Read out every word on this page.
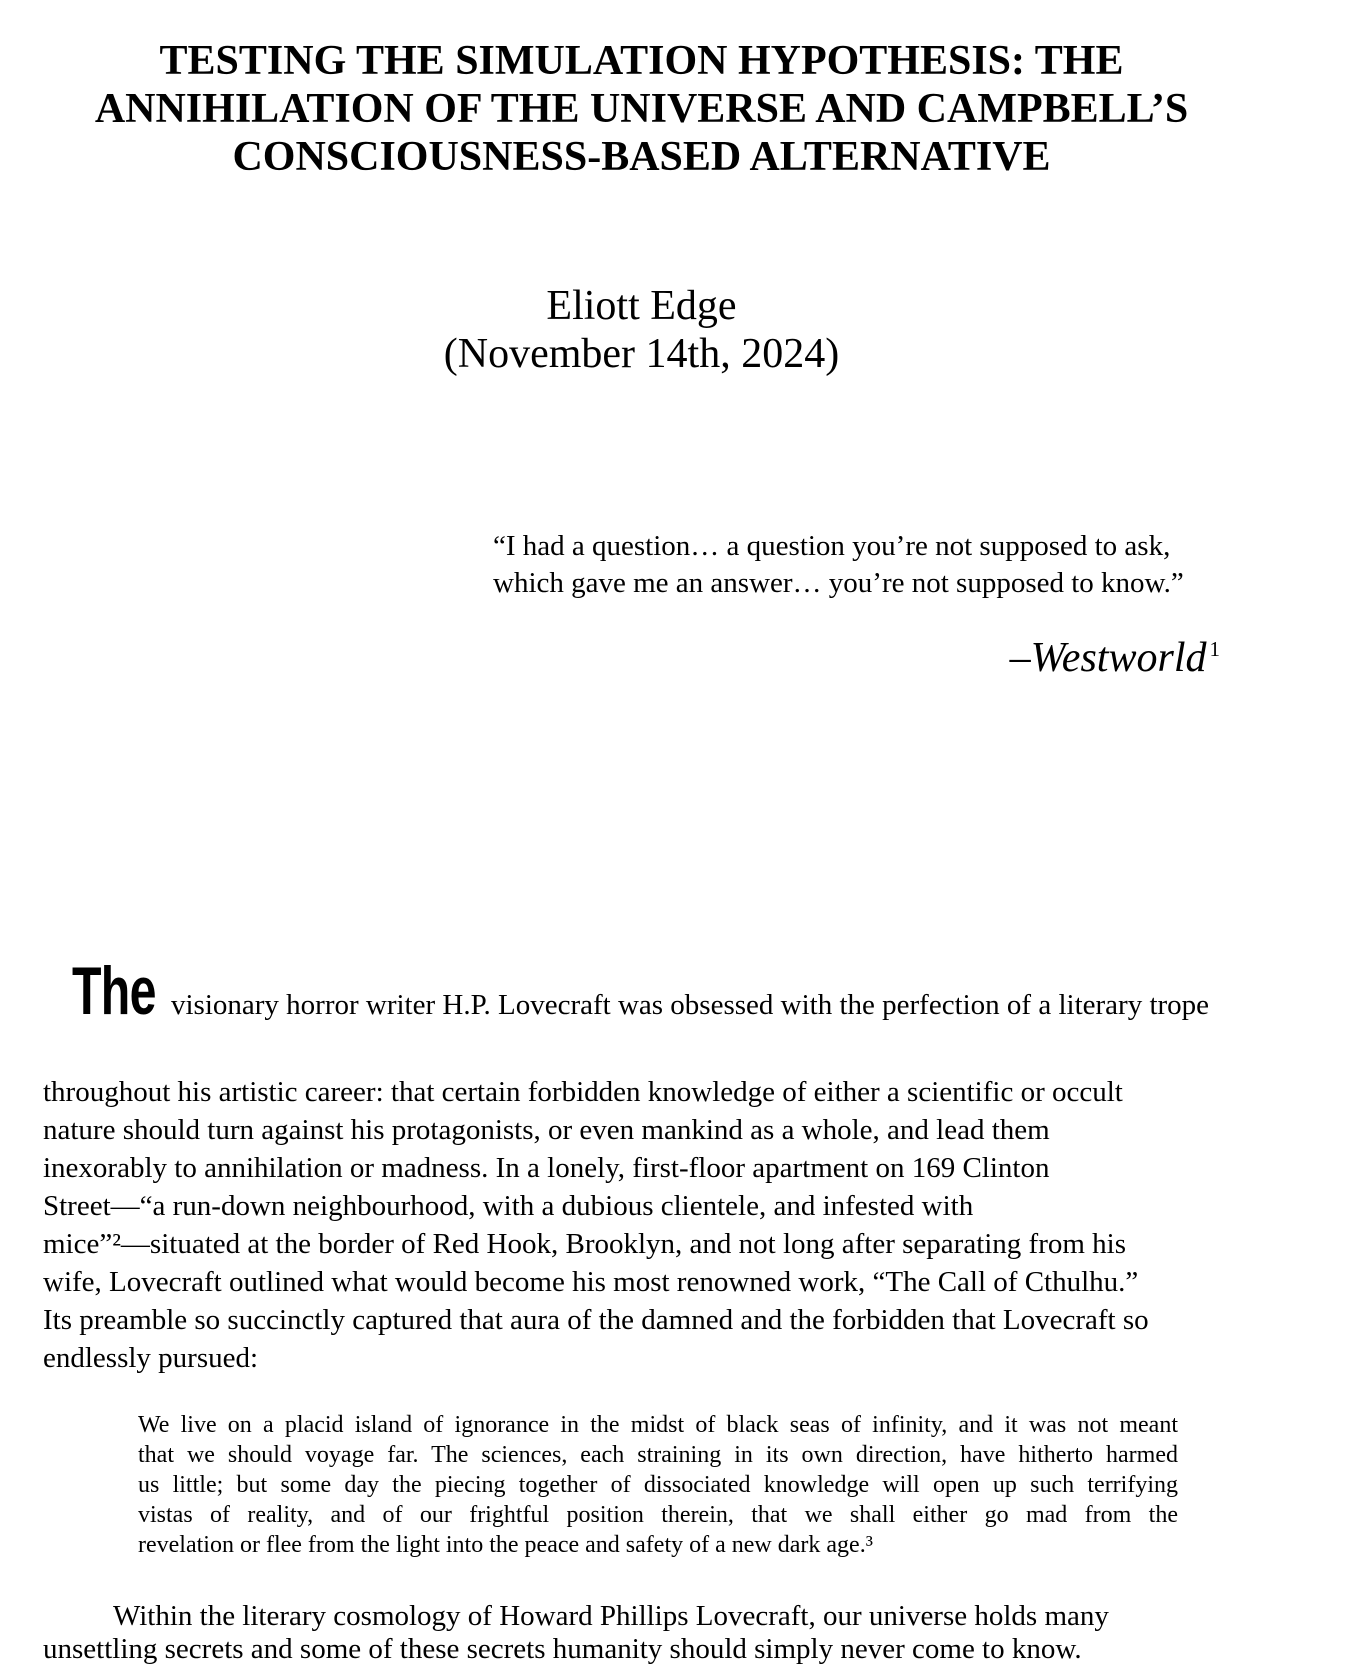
TESTING THE SIMULATION HYPOTHESIS: THE
ANNIHILATION OF THE UNIVERSE AND CAMPBELL’S
CONSCIOUSNESS-BASED ALTERNATIVE
Eliott Edge
(November 14th, 2024)
“I had a question… a question you’re not supposed to ask,
which gave me an answer… you’re not supposed to know.”
–Westworld $^1$

The visionary horror writer H.P. Lovecraft was obsessed with the perfection of a literary trope

throughout his artistic career: that certain forbidden knowledge of either a scientific or occult
nature should turn against his protagonists, or even mankind as a whole, and lead them
inexorably to annihilation or madness. In a lonely, first-floor apartment on 169 Clinton
Street—“a run-down neighbourhood, with a dubious clientele, and infested with
mice”²—situated at the border of Red Hook, Brooklyn, and not long after separating from his
wife, Lovecraft outlined what would become his most renowned work, “The Call of Cthulhu.”
Its preamble so succinctly captured that aura of the damned and the forbidden that Lovecraft so
endlessly pursued:
We live on a placid island of ignorance in the midst of black seas of infinity, and it was not meant
that we should voyage far. The sciences, each straining in its own direction, have hitherto harmed
us little; but some day the piecing together of dissociated knowledge will open up such terrifying
vistas of reality, and of our frightful position therein, that we shall either go mad from the
revelation or flee from the light into the peace and safety of a new dark age.³
Within the literary cosmology of Howard Phillips Lovecraft, our universe holds many
unsettling secrets and some of these secrets humanity should simply never come to know.
